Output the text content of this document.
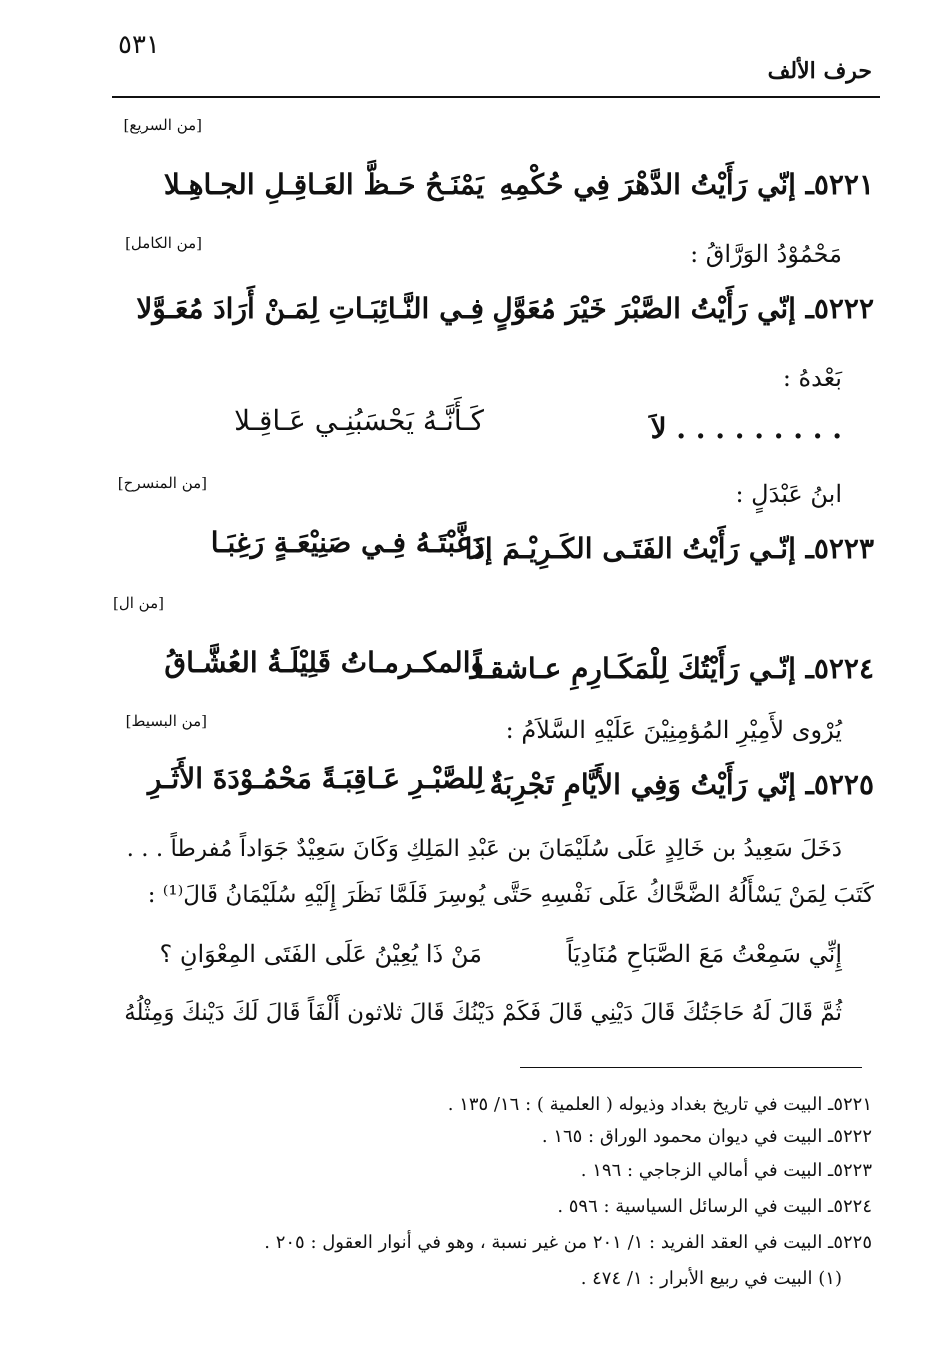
٥٣١
حرف الألف
[من السريع]
٥٢٢١ـ إنّي رَأَيْتُ الدَّهْرَ فِي حُكْمِهِ
يَمْنَـحُ حَـظَّ العَـاقِـلِ الجـاهِـلا
مَحْمُوْدُ الوَرَّاقُ :
[من الكامل]
٥٢٢٢ـ إنّي رَأَيْتُ الصَّبْرَ خَيْرَ مُعَوَّلٍ
فِـي النَّـائِبَـاتِ لِمَـنْ أَرَادَ مُعَـوَّلا
بَعْدهُ :
. . . . . . . . . لاَ
كَـأَنَّـهُ يَحْسَبُنِـي عَـاقِـلا
ابنُ عَبْدَلٍ :
[من المنسرح]
٥٢٢٣ـ إنّـي رَأَيْتُ الفَتَـى الكَـرِيْـمَ إذَا
رَغَّبْتَـهُ فِـي صَنِيْعَـةٍ رَغِبَـا
[من ال]
٥٢٢٤ـ إنّـي رَأَيْتُكَ لِلْمَكَـارِمِ عـاشقـاً
والمكـرمـاتُ قَلِيْلَـةُ العُشَّـاقُ
يُرْوى لأَمِيْرِ المُؤمِنِيْنَ عَلَيْهِ السَّلاَمُ :
[من البسيط]
٥٢٢٥ـ إنّي رَأَيْتُ وَفِي الأَيَّامِ تَجْرِبَةٌ
لِلصَّبْـرِ عَـاقِبَـةً مَحْمُـوْدَةَ الأَثَـرِ
دَخَلَ سَعِيدُ بن خَالِدٍ عَلَى سُلَيْمَانَ بن عَبْدِ المَلِكِ وَكَانَ سَعِيْدٌ جَوَاداً مُفرطاً . . .
كَتَبَ لِمَنْ يَسْأَلُهُ الضَّحَّاكُ عَلَى نَفْسِهِ حَتَّى يُوسِرَ فَلَمَّا نَظَرَ إِلَيْهِ سُلَيْمَانُ قَالَ⁽¹⁾ :
إِنِّي سَمِعْتُ مَعَ الصَّبَاحِ مُنَادِيَاً
مَنْ ذَا يُعِيْنُ عَلَى الفَتَى المِعْوَانِ ؟
ثُمَّ قَالَ لَهُ حَاجَتُكَ قَالَ دَيْنِي قَالَ فَكَمْ دَيْنُكَ قَالَ ثلاثون أَلْفَاً قَالَ لَكَ دَيْنكَ وَمِثْلُهُ
٥٢٢١ـ البيت في تاريخ بغداد وذيوله ( العلمية ) : ١٦/ ١٣٥ .
٥٢٢٢ـ البيت في ديوان محمود الوراق : ١٦٥ .
٥٢٢٣ـ البيت في أمالي الزجاجي : ١٩٦ .
٥٢٢٤ـ البيت في الرسائل السياسية : ٥٩٦ .
٥٢٢٥ـ البيت في العقد الفريد : ١/ ٢٠١ من غير نسبة ، وهو في أنوار العقول : ٢٠٥ .
(١) البيت في ربيع الأبرار : ١/ ٤٧٤ .
